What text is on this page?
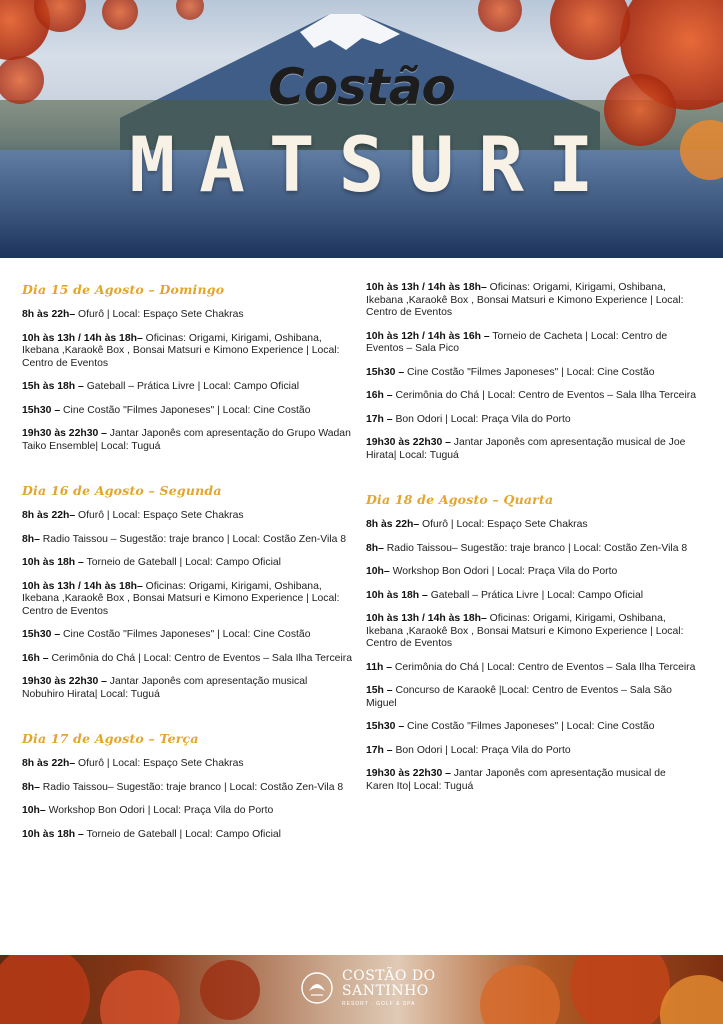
Costão
MATSURI
Dia 15 de Agosto – Domingo
8h às 22h– Ofurô | Local: Espaço Sete Chakras
10h às 13h / 14h às 18h– Oficinas: Origami, Kirigami, Oshibana, Ikebana ,Karaokê Box , Bonsai Matsuri e Kimono Experience | Local: Centro de Eventos
15h às 18h – Gateball – Prática Livre | Local: Campo Oficial
15h30 – Cine Costão "Filmes Japoneses" | Local: Cine Costão
19h30 às 22h30 – Jantar Japonês com apresentação do Grupo Wadan Taiko Ensemble| Local: Tuguá
Dia 16 de Agosto – Segunda
8h às 22h– Ofurô | Local: Espaço Sete Chakras
8h– Radio Taissou – Sugestão: traje branco | Local: Costão Zen-Vila 8
10h às 18h – Torneio de Gateball | Local: Campo Oficial
10h às 13h / 14h às 18h– Oficinas: Origami, Kirigami, Oshibana, Ikebana ,Karaokê Box , Bonsai Matsuri e Kimono Experience | Local: Centro de Eventos
15h30 – Cine Costão "Filmes Japoneses" | Local: Cine Costão
16h – Cerimônia do Chá | Local: Centro de Eventos – Sala Ilha Terceira
19h30 às 22h30 – Jantar Japonês com apresentação musical Nobuhiro Hirata| Local: Tuguá
Dia 17 de Agosto – Terça
8h às 22h– Ofurô | Local: Espaço Sete Chakras
8h– Radio Taissou– Sugestão: traje branco | Local: Costão Zen-Vila 8
10h– Workshop Bon Odori | Local: Praça Vila do Porto
10h às 18h – Torneio de Gateball | Local: Campo Oficial
10h às 13h / 14h às 18h– Oficinas: Origami, Kirigami, Oshibana, Ikebana ,Karaokê Box , Bonsai Matsuri e Kimono Experience | Local: Centro de Eventos
10h às 12h / 14h às 16h – Torneio de Cacheta | Local: Centro de Eventos – Sala Pico
15h30 – Cine Costão "Filmes Japoneses" | Local: Cine Costão
16h – Cerimônia do Chá | Local: Centro de Eventos – Sala Ilha Terceira
17h – Bon Odori | Local: Praça Vila do Porto
19h30 às 22h30 – Jantar Japonês com apresentação musical de Joe Hirata| Local: Tuguá
Dia 18 de Agosto – Quarta
8h às 22h– Ofurô | Local: Espaço Sete Chakras
8h– Radio Taissou– Sugestão: traje branco | Local: Costão Zen-Vila 8
10h– Workshop Bon Odori | Local: Praça Vila do Porto
10h às 18h – Gateball – Prática Livre | Local: Campo Oficial
10h às 13h / 14h às 18h– Oficinas: Origami, Kirigami, Oshibana, Ikebana ,Karaokê Box , Bonsai Matsuri e Kimono Experience | Local: Centro de Eventos
11h – Cerimônia do Chá | Local: Centro de Eventos – Sala Ilha Terceira
15h – Concurso de Karaokê |Local: Centro de Eventos – Sala São Miguel
15h30 – Cine Costão "Filmes Japoneses" | Local: Cine Costão
17h – Bon Odori | Local: Praça Vila do Porto
19h30 às 22h30 – Jantar Japonês com apresentação musical de Karen Ito| Local: Tuguá
COSTÃO DO
SANTINHO
RESORT · GOLF & SPA
